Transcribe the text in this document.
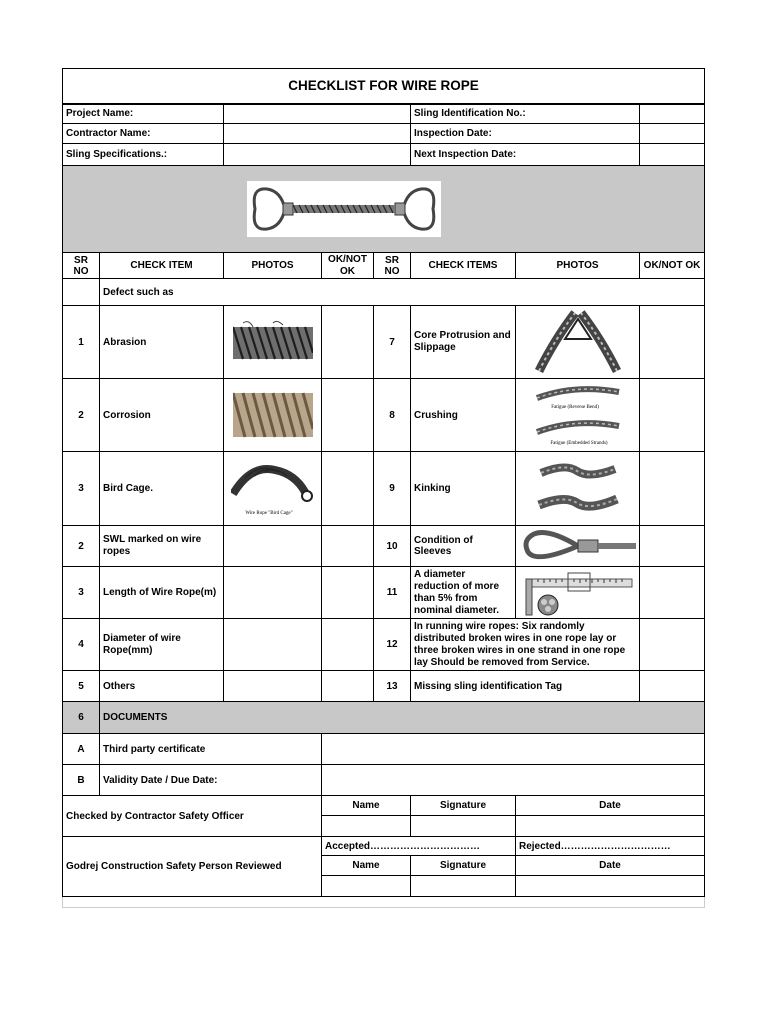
CHECKLIST FOR WIRE ROPE							
Project Name:					Sling Identification No.:		
Contractor Name:					Inspection Date:		
Sling Specifications.:					Next Inspection Date:		

SR NO	CHECK ITEM	PHOTOS	OK/NOT OK	SR NO	CHECK ITEMS	PHOTOS	OK/NOT OK
	Defect such as						
1	Abrasion			7	Core Protrusion and Slippage	

2	Corrosion			8	Crushing	Fatigue (Reverse Bend)
Fatigue (Embedded Strands)	

3	Bird Cage.	Wire Rope "Bird Cage"		9	Kinking	

2	SWL marked on wire ropes			10	Condition of Sleeves	

3	Length of Wire Rope(m)			11	A diameter reduction of more than 5% from nominal diameter.	

4	Diameter of wire Rope(mm)			12	In running wire ropes: Six randomly distributed broken wires in one rope lay or three broken wires in one strand in one rope lay Should be removed from Service.		
5	Others			13	Missing sling identification Tag		
6	DOCUMENTS						
A	Third party certificate						
B	Validity Date / Due Date:						
Checked by Contractor Safety Officer			Name		Signature	Date	

Godrej Construction Safety Person Reviewed			Accepted……………………………			Rejected……………………………	
			Name		Signature	Date	
